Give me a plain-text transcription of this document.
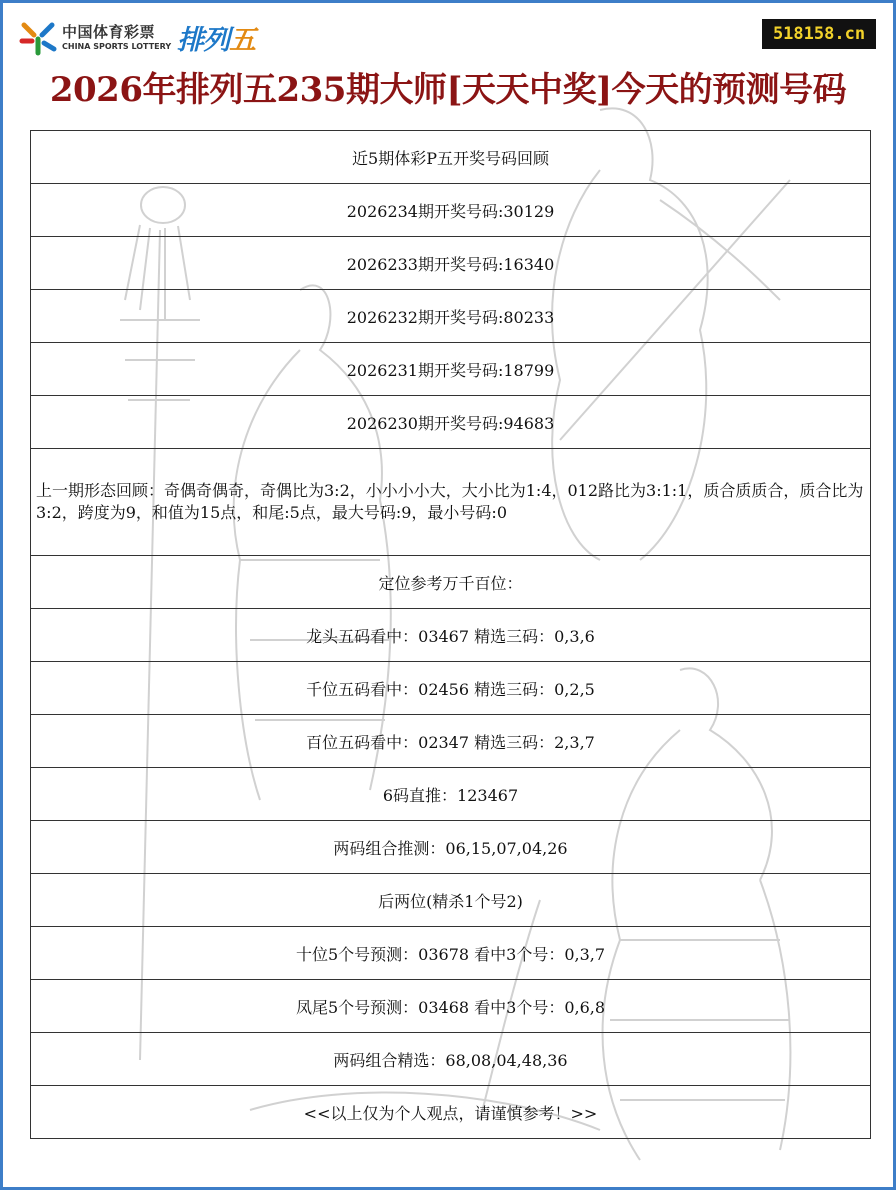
中国体育彩票
CHINA SPORTS LOTTERY 排列五	518158.cn
2026年排列五235期大师[天天中奖]今天的预测号码
近5期体彩P五开奖号码回顾
2026234期开奖号码:30129
2026233期开奖号码:16340
2026232期开奖号码:80233
2026231期开奖号码:18799
2026230期开奖号码:94683
上一期形态回顾：奇偶奇偶奇，奇偶比为3:2，小小小小大，大小比为1:4，012路比为3:1:1，质合质质合，质合比为3:2，跨度为9，和值为15点，和尾:5点，最大号码:9，最小号码:0
定位参考万千百位：
龙头五码看中：03467 精选三码：0,3,6
千位五码看中：02456 精选三码：0,2,5
百位五码看中：02347 精选三码：2,3,7
6码直推：123467
两码组合推测：06,15,07,04,26
后两位(精杀1个号2)
十位5个号预测：03678 看中3个号：0,3,7
凤尾5个号预测：03468 看中3个号：0,6,8
两码组合精选：68,08,04,48,36
<<以上仅为个人观点，请谨慎参考！>>
